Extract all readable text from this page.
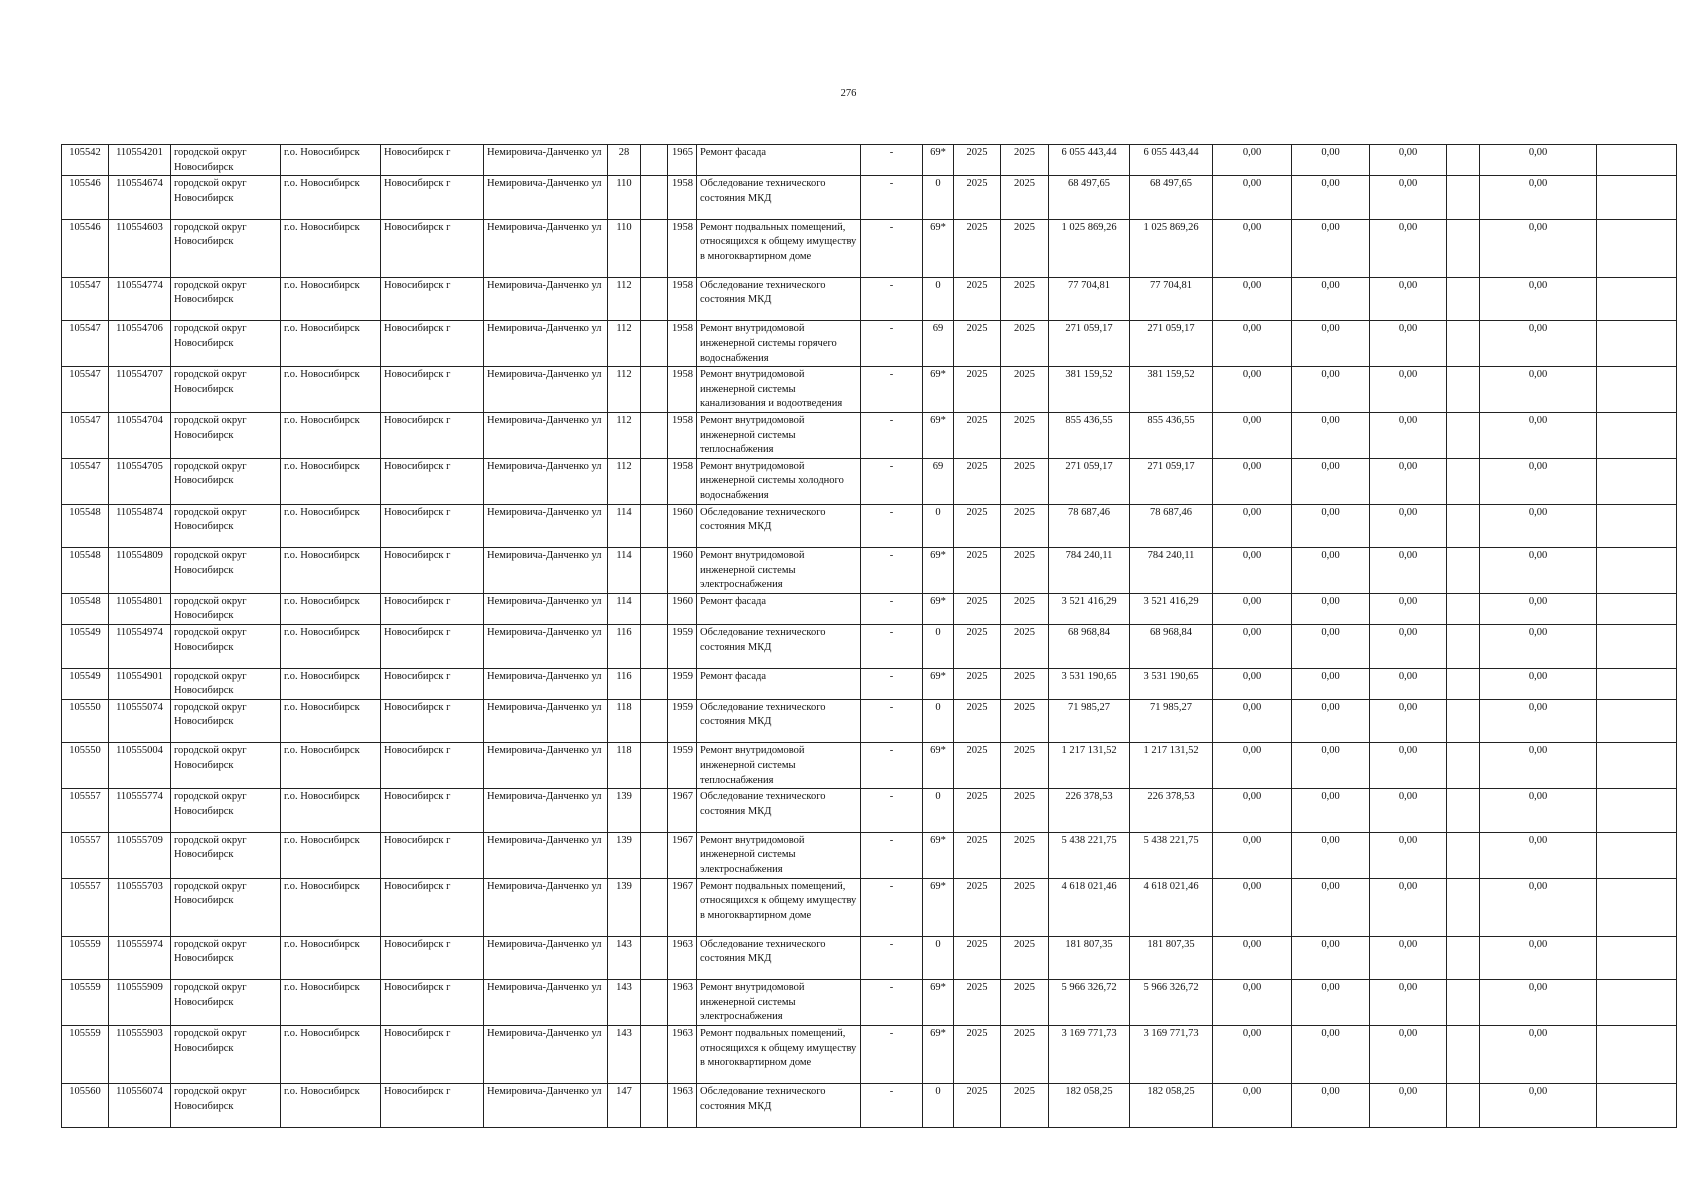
276
105542	110554201	городской округ Новосибирск	г.о. Новосибирск	Новосибирск г	Немировича-Данченко ул	28		1965	Ремонт фасада	-	69*	2025	2025	6 055 443,44	6 055 443,44	0,00	0,00	0,00		0,00	
105546	110554674	городской округ Новосибирск	г.о. Новосибирск	Новосибирск г	Немировича-Данченко ул	110		1958	Обследование технического состояния МКД	-	0	2025	2025	68 497,65	68 497,65	0,00	0,00	0,00		0,00	
105546	110554603	городской округ Новосибирск	г.о. Новосибирск	Новосибирск г	Немировича-Данченко ул	110		1958	Ремонт подвальных помещений, относящихся к общему имуществу в многоквартирном доме	-	69*	2025	2025	1 025 869,26	1 025 869,26	0,00	0,00	0,00		0,00	
105547	110554774	городской округ Новосибирск	г.о. Новосибирск	Новосибирск г	Немировича-Данченко ул	112		1958	Обследование технического состояния МКД	-	0	2025	2025	77 704,81	77 704,81	0,00	0,00	0,00		0,00	
105547	110554706	городской округ Новосибирск	г.о. Новосибирск	Новосибирск г	Немировича-Данченко ул	112		1958	Ремонт внутридомовой инженерной системы горячего водоснабжения	-	69	2025	2025	271 059,17	271 059,17	0,00	0,00	0,00		0,00	
105547	110554707	городской округ Новосибирск	г.о. Новосибирск	Новосибирск г	Немировича-Данченко ул	112		1958	Ремонт внутридомовой инженерной системы канализования и водоотведения	-	69*	2025	2025	381 159,52	381 159,52	0,00	0,00	0,00		0,00	
105547	110554704	городской округ Новосибирск	г.о. Новосибирск	Новосибирск г	Немировича-Данченко ул	112		1958	Ремонт внутридомовой инженерной системы теплоснабжения	-	69*	2025	2025	855 436,55	855 436,55	0,00	0,00	0,00		0,00	
105547	110554705	городской округ Новосибирск	г.о. Новосибирск	Новосибирск г	Немировича-Данченко ул	112		1958	Ремонт внутридомовой инженерной системы холодного водоснабжения	-	69	2025	2025	271 059,17	271 059,17	0,00	0,00	0,00		0,00	
105548	110554874	городской округ Новосибирск	г.о. Новосибирск	Новосибирск г	Немировича-Данченко ул	114		1960	Обследование технического состояния МКД	-	0	2025	2025	78 687,46	78 687,46	0,00	0,00	0,00		0,00	
105548	110554809	городской округ Новосибирск	г.о. Новосибирск	Новосибирск г	Немировича-Данченко ул	114		1960	Ремонт внутридомовой инженерной системы электроснабжения	-	69*	2025	2025	784 240,11	784 240,11	0,00	0,00	0,00		0,00	
105548	110554801	городской округ Новосибирск	г.о. Новосибирск	Новосибирск г	Немировича-Данченко ул	114		1960	Ремонт фасада	-	69*	2025	2025	3 521 416,29	3 521 416,29	0,00	0,00	0,00		0,00	
105549	110554974	городской округ Новосибирск	г.о. Новосибирск	Новосибирск г	Немировича-Данченко ул	116		1959	Обследование технического состояния МКД	-	0	2025	2025	68 968,84	68 968,84	0,00	0,00	0,00		0,00	
105549	110554901	городской округ Новосибирск	г.о. Новосибирск	Новосибирск г	Немировича-Данченко ул	116		1959	Ремонт фасада	-	69*	2025	2025	3 531 190,65	3 531 190,65	0,00	0,00	0,00		0,00	
105550	110555074	городской округ Новосибирск	г.о. Новосибирск	Новосибирск г	Немировича-Данченко ул	118		1959	Обследование технического состояния МКД	-	0	2025	2025	71 985,27	71 985,27	0,00	0,00	0,00		0,00	
105550	110555004	городской округ Новосибирск	г.о. Новосибирск	Новосибирск г	Немировича-Данченко ул	118		1959	Ремонт внутридомовой инженерной системы теплоснабжения	-	69*	2025	2025	1 217 131,52	1 217 131,52	0,00	0,00	0,00		0,00	
105557	110555774	городской округ Новосибирск	г.о. Новосибирск	Новосибирск г	Немировича-Данченко ул	139		1967	Обследование технического состояния МКД	-	0	2025	2025	226 378,53	226 378,53	0,00	0,00	0,00		0,00	
105557	110555709	городской округ Новосибирск	г.о. Новосибирск	Новосибирск г	Немировича-Данченко ул	139		1967	Ремонт внутридомовой инженерной системы электроснабжения	-	69*	2025	2025	5 438 221,75	5 438 221,75	0,00	0,00	0,00		0,00	
105557	110555703	городской округ Новосибирск	г.о. Новосибирск	Новосибирск г	Немировича-Данченко ул	139		1967	Ремонт подвальных помещений, относящихся к общему имуществу в многоквартирном доме	-	69*	2025	2025	4 618 021,46	4 618 021,46	0,00	0,00	0,00		0,00	
105559	110555974	городской округ Новосибирск	г.о. Новосибирск	Новосибирск г	Немировича-Данченко ул	143		1963	Обследование технического состояния МКД	-	0	2025	2025	181 807,35	181 807,35	0,00	0,00	0,00		0,00	
105559	110555909	городской округ Новосибирск	г.о. Новосибирск	Новосибирск г	Немировича-Данченко ул	143		1963	Ремонт внутридомовой инженерной системы электроснабжения	-	69*	2025	2025	5 966 326,72	5 966 326,72	0,00	0,00	0,00		0,00	
105559	110555903	городской округ Новосибирск	г.о. Новосибирск	Новосибирск г	Немировича-Данченко ул	143		1963	Ремонт подвальных помещений, относящихся к общему имуществу в многоквартирном доме	-	69*	2025	2025	3 169 771,73	3 169 771,73	0,00	0,00	0,00		0,00	
105560	110556074	городской округ Новосибирск	г.о. Новосибирск	Новосибирск г	Немировича-Данченко ул	147		1963	Обследование технического состояния МКД	-	0	2025	2025	182 058,25	182 058,25	0,00	0,00	0,00		0,00	
